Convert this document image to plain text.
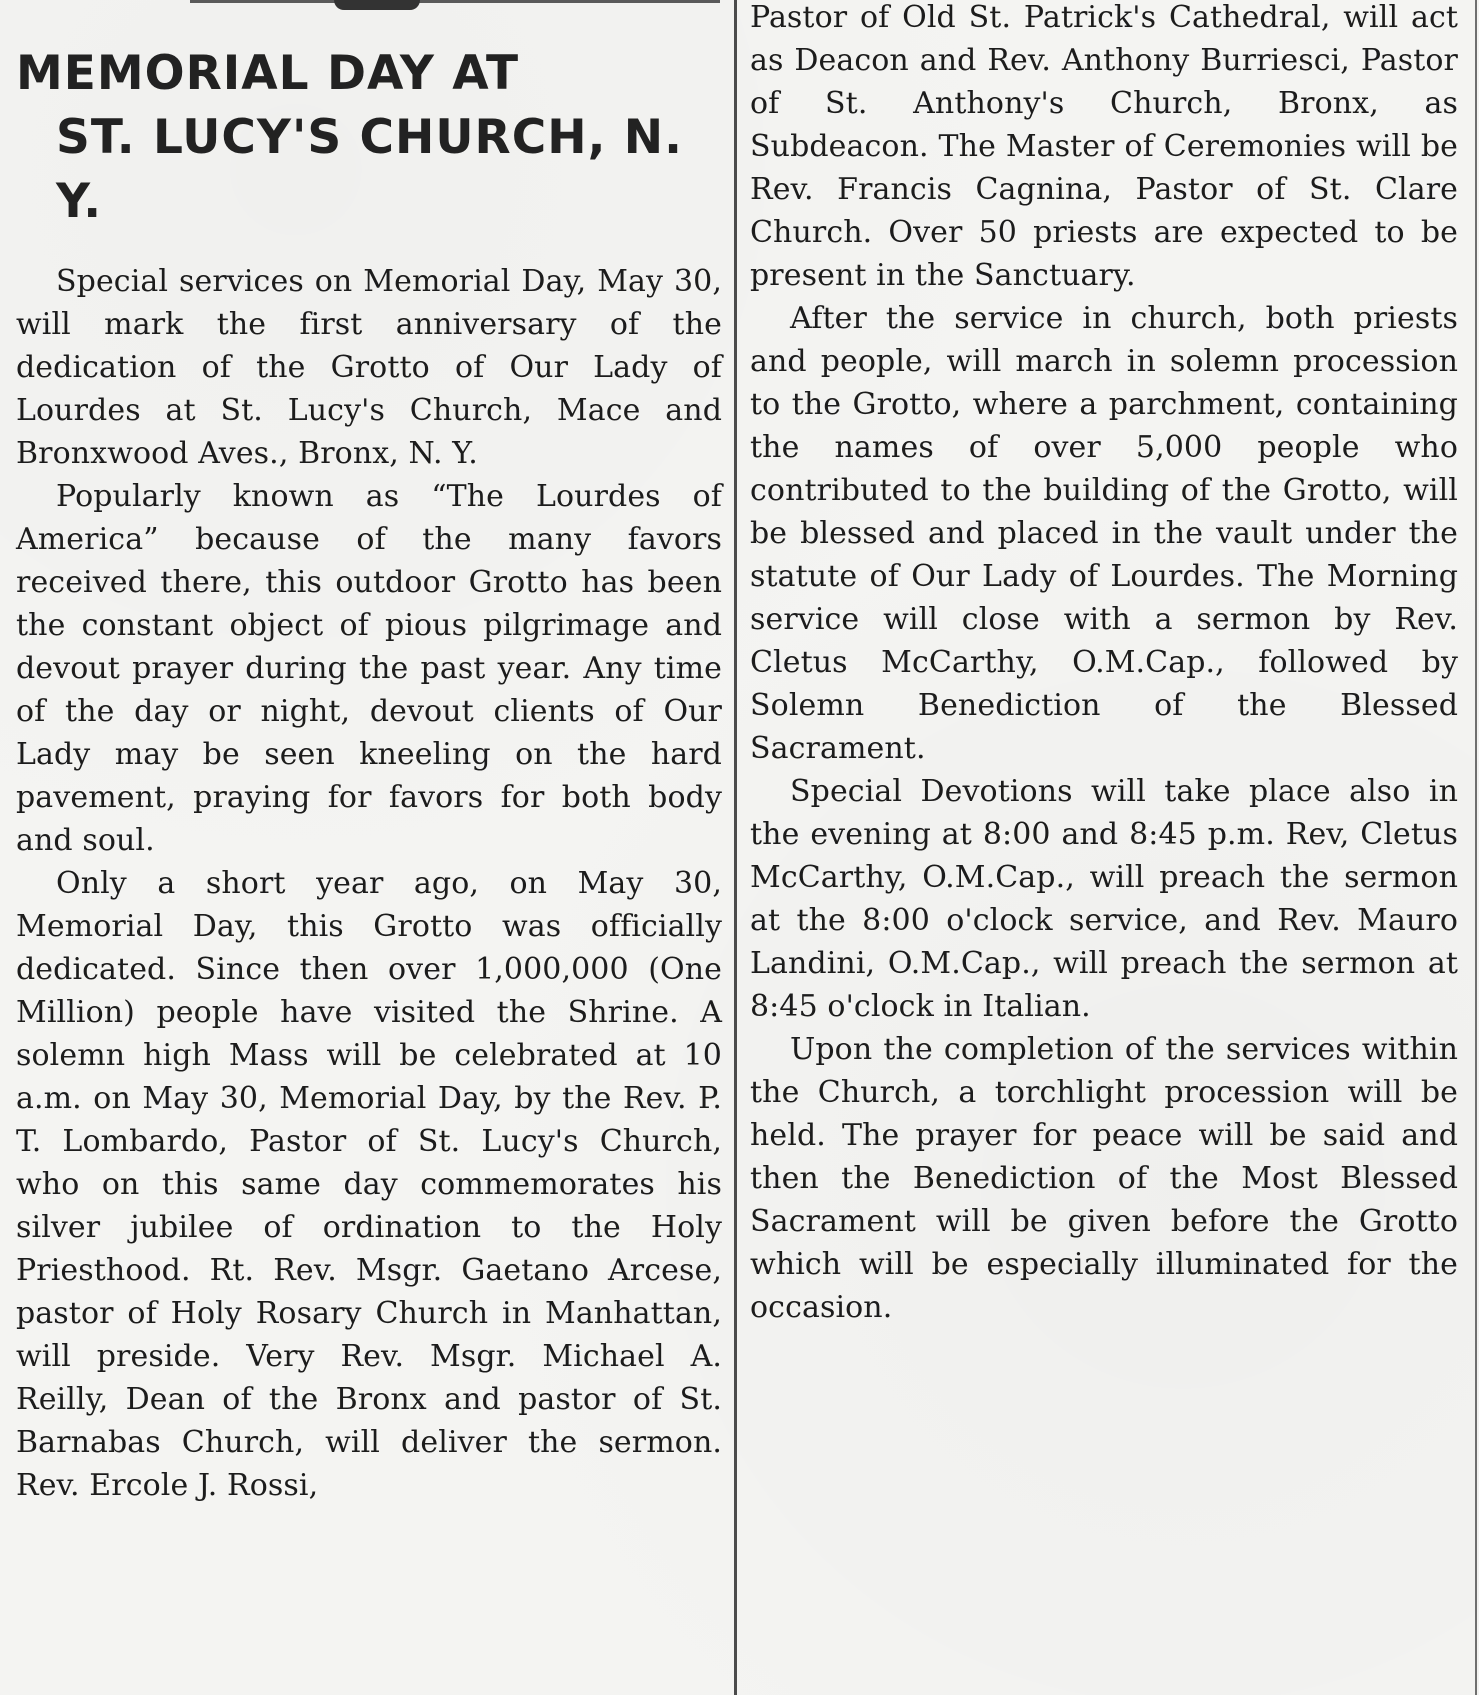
MEMORIAL DAY AT
ST. LUCY'S CHURCH, N. Y.

Special services on Memorial Day, May 30, will mark the first anniversary of the dedication of the Grotto of Our Lady of Lourdes at St. Lucy's Church, Mace and Bronxwood Aves., Bronx, N. Y.

Popularly known as “The Lourdes of America” because of the many favors received there, this outdoor Grotto has been the constant object of pious pilgrimage and devout prayer during the past year. Any time of the day or night, devout clients of Our Lady may be seen kneeling on the hard pavement, praying for favors for both body and soul.

Only a short year ago, on May 30, Memorial Day, this Grotto was officially dedicated. Since then over 1,000,000 (One Million) people have visited the Shrine. A solemn high Mass will be celebrated at 10 a.m. on May 30, Memorial Day, by the Rev. P. T. Lombardo, Pastor of St. Lucy's Church, who on this same day commemorates his silver jubilee of ordination to the Holy Priesthood. Rt. Rev. Msgr. Gaetano Arcese, pastor of Holy Rosary Church in Manhattan, will preside. Very Rev. Msgr. Michael A. Reilly, Dean of the Bronx and pastor of St. Barnabas Church, will deliver the sermon. Rev. Ercole J. Rossi,

Pastor of Old St. Patrick's Cathedral, will act as Deacon and Rev. Anthony Burriesci, Pastor of St. Anthony's Church, Bronx, as Subdeacon. The Master of Ceremonies will be Rev. Francis Cagnina, Pastor of St. Clare Church. Over 50 priests are expected to be present in the Sanctuary.

After the service in church, both priests and people, will march in solemn procession to the Grotto, where a parchment, containing the names of over 5,000 people who contributed to the building of the Grotto, will be blessed and placed in the vault under the statute of Our Lady of Lourdes. The Morning service will close with a sermon by Rev. Cletus McCarthy, O.M.Cap., followed by Solemn Benediction of the Blessed Sacrament.

Special Devotions will take place also in the evening at 8:00 and 8:45 p.m. Rev, Cletus McCarthy, O.M.Cap., will preach the sermon at the 8:00 o'clock service, and Rev. Mauro Landini, O.M.Cap., will preach the sermon at 8:45 o'clock in Italian.

Upon the completion of the services within the Church, a torchlight procession will be held. The prayer for peace will be said and then the Benediction of the Most Blessed Sacrament will be given before the Grotto which will be especially illuminated for the occasion.
